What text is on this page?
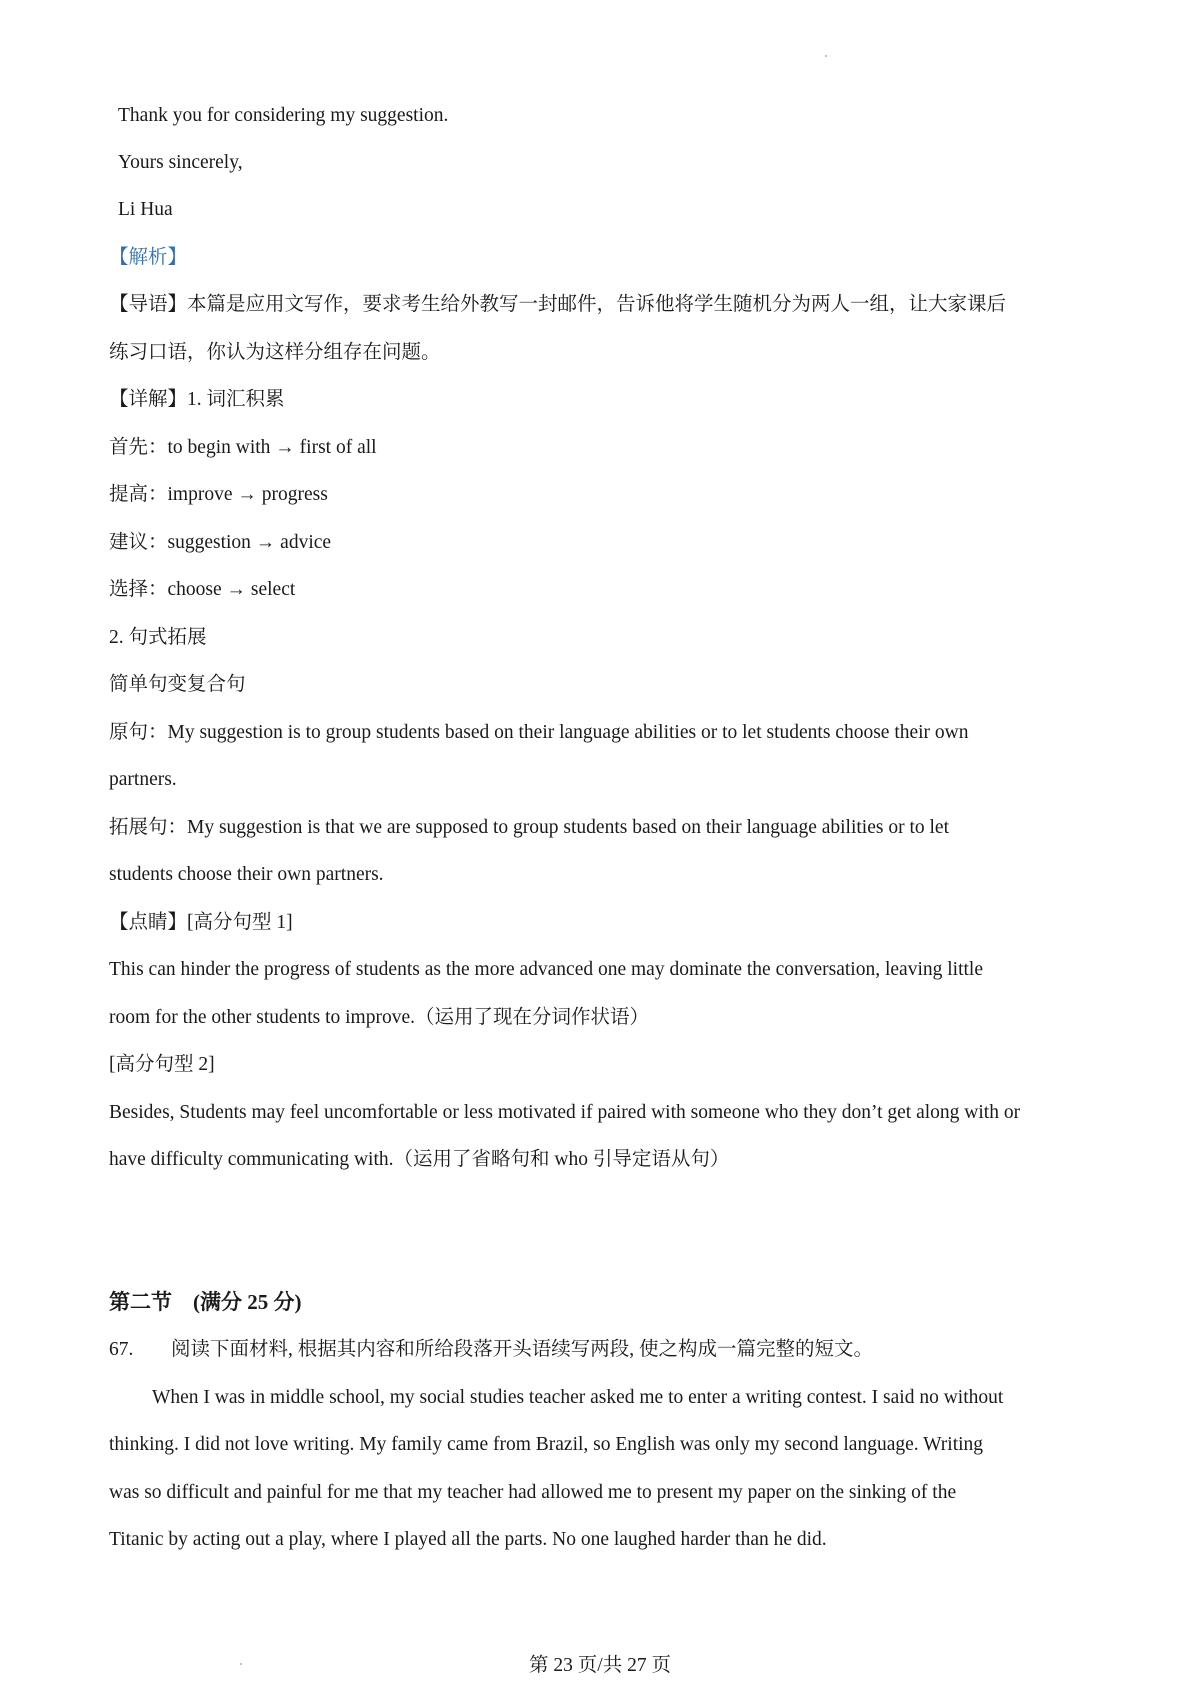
Thank you for considering my suggestion.
Yours sincerely,
Li Hua
【解析】
【导语】本篇是应用文写作，要求考生给外教写一封邮件，告诉他将学生随机分为两人一组，让大家课后
练习口语，你认为这样分组存在问题。
【详解】1. 词汇积累
首先：to begin with → first of all
提高：improve → progress
建议：suggestion → advice
选择：choose → select
2. 句式拓展
简单句变复合句
原句：My suggestion is to group students based on their language abilities or to let students choose their own
partners.
拓展句：My suggestion is that we are supposed to group students based on their language abilities or to let
students choose their own partners.
【点睛】[高分句型 1]
This can hinder the progress of students as the more advanced one may dominate the conversation, leaving little
room for the other students to improve.（运用了现在分词作状语）
[高分句型 2]
Besides, Students may feel uncomfortable or less motivated if paired with someone who they don’t get along with or
have difficulty communicating with.（运用了省略句和 who 引导定语从句）
第二节　(满分 25 分)
67. 阅读下面材料, 根据其内容和所给段落开头语续写两段, 使之构成一篇完整的短文。
When I was in middle school, my social studies teacher asked me to enter a writing contest. I said no without
thinking. I did not love writing. My family came from Brazil, so English was only my second language. Writing
was so difficult and painful for me that my teacher had allowed me to present my paper on the sinking of the
Titanic by acting out a play, where I played all the parts. No one laughed harder than he did.
第 23 页/共 27 页
